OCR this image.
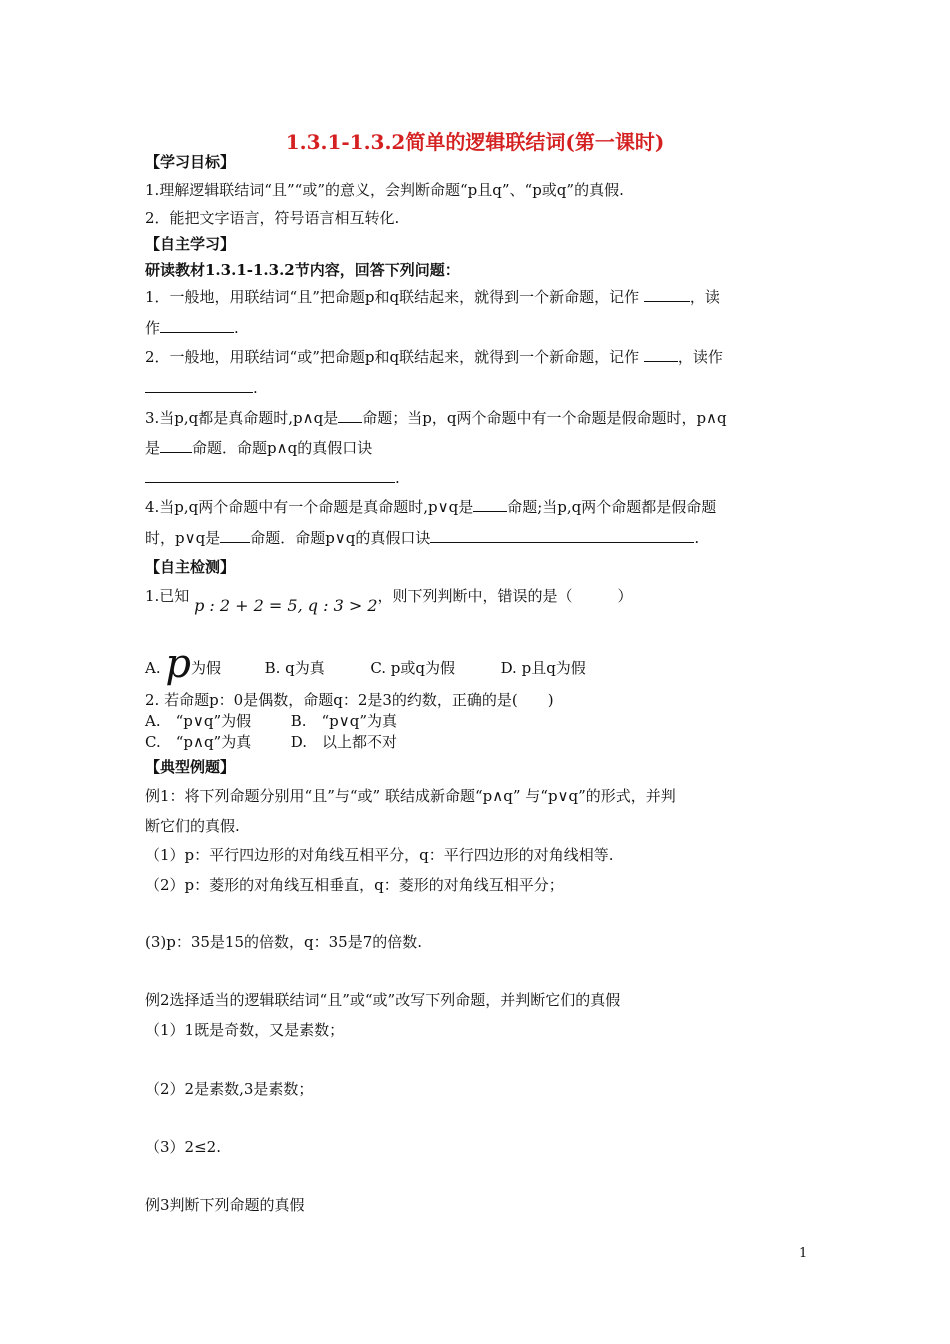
1.3.1-1.3.2简单的逻辑联结词(第一课时)
【学习目标】
1.理解逻辑联结词“且”“或”的意义，会判断命题“p且q”、“p或q”的真假.
2．能把文字语言，符号语言相互转化.
【自主学习】
研读教材1.3.1-1.3.2节内容，回答下列问题：
1．一般地，用联结词“且”把命题p和q联结起来，就得到一个新命题，记作	，读
作	.
2．一般地，用联结词“或”把命题p和q联结起来，就得到一个新命题，记作	，读作
.
3.当p,q都是真命题时,p∧q是 命题；当p，q两个命题中有一个命题是假命题时，p∧q
是 命题．命题p∧q的真假口诀
.
4.当p,q两个命题中有一个命题是真命题时,p∨q是 命题;当p,q两个命题都是假命题
时，p∨q是 命题．命题p∨q的真假口诀	.
【自主检测】
1.已知 p : 2 + 2 = 5, q : 3 > 2，则下列判断中，错误的是（　　　）
A. p为假	B. q为真	C. p或q为假	D. p且q为假
2. 若命题p：0是偶数，命题q：2是3的约数，正确的是(　　)
A.　“p∨q”为假	B.　“p∨q”为真
C.　“p∧q”为真	D.　以上都不对
【典型例题】
例1：将下列命题分别用“且”与“或” 联结成新命题“p∧q” 与“p∨q”的形式，并判
断它们的真假.
（1）p：平行四边形的对角线互相平分，q：平行四边形的对角线相等.
（2）p：菱形的对角线互相垂直，q：菱形的对角线互相平分；
(3)p：35是15的倍数，q：35是7的倍数.
例2选择适当的逻辑联结词“且”或“或”改写下列命题，并判断它们的真假
（1）1既是奇数，又是素数；
（2）2是素数,3是素数；
（3）2≤2.
例3判断下列命题的真假
1
